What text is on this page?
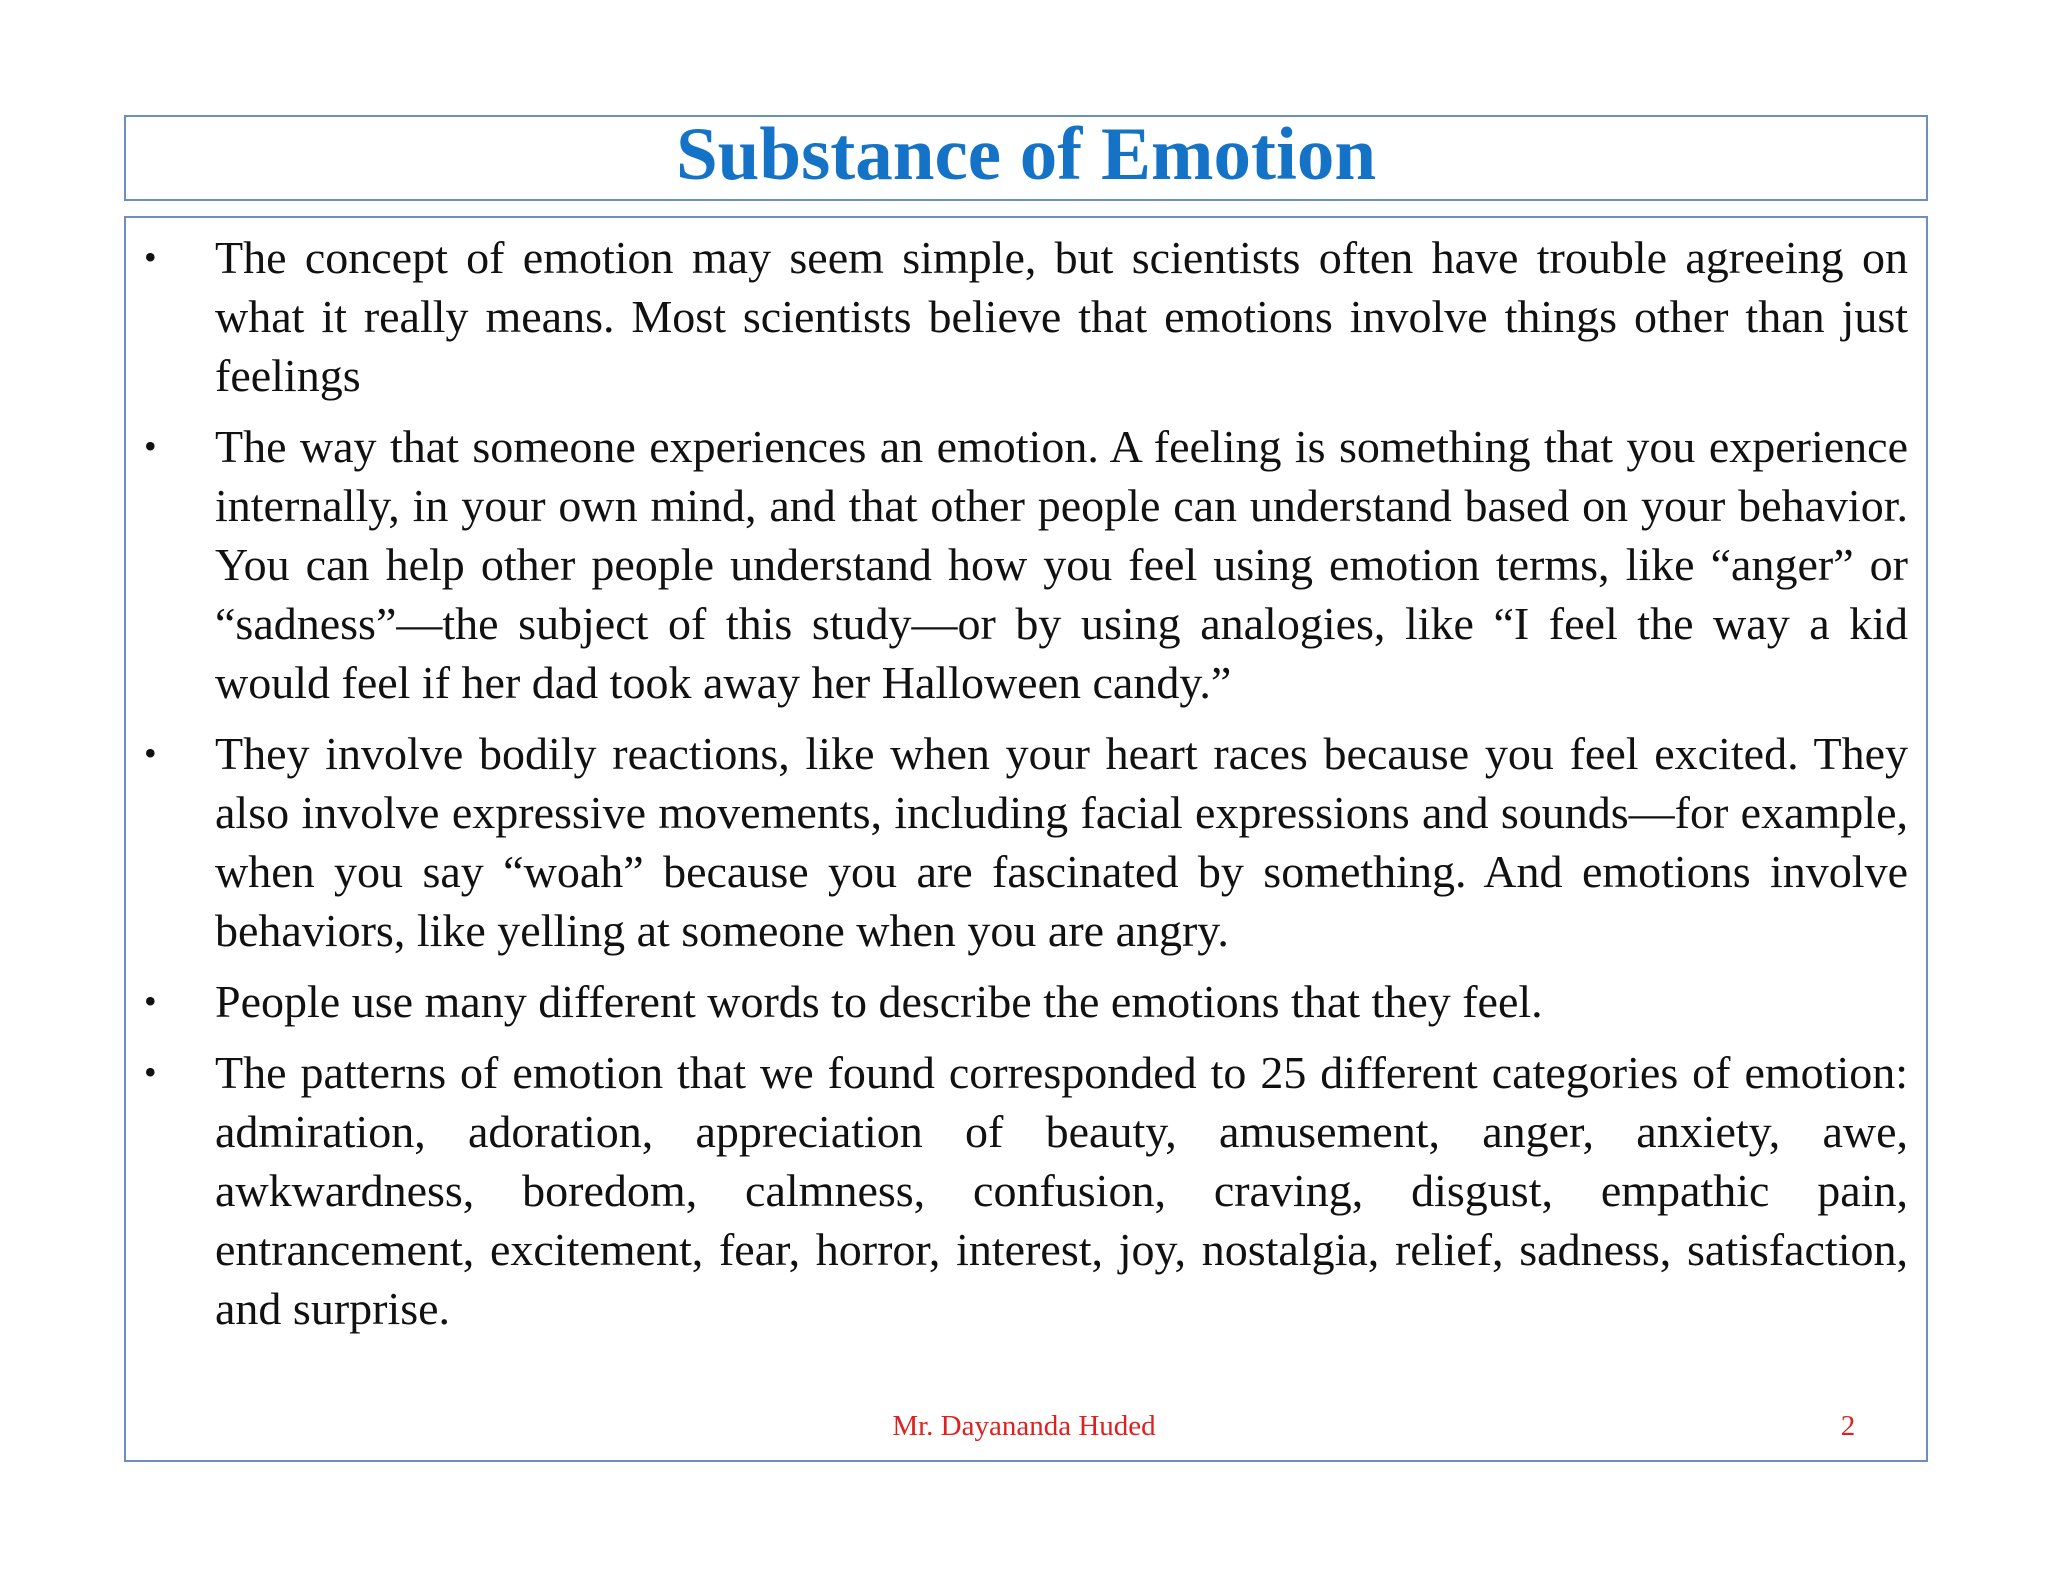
Substance of Emotion
• The concept of emotion may seem simple, but scientists often have trouble agreeing on what it really means. Most scientists believe that emotions involve things other than just feelings
• The way that someone experiences an emotion. A feeling is something that you experience internally, in your own mind, and that other people can understand based on your behavior. You can help other people understand how you feel using emotion terms, like “anger” or “sadness”—the subject of this study—or by using analogies, like “I feel the way a kid would feel if her dad took away her Halloween candy.”
• They involve bodily reactions, like when your heart races because you feel excited. They also involve expressive movements, including facial expressions and sounds—for example, when you say “woah” because you are fascinated by something. And emotions involve behaviors, like yelling at someone when you are angry.
• People use many different words to describe the emotions that they feel.
• The patterns of emotion that we found corresponded to 25 different categories of emotion: admiration, adoration, appreciation of beauty, amusement, anger, anxiety, awe, awkwardness, boredom, calmness, confusion, craving, disgust, empathic pain, entrancement, excitement, fear, horror, interest, joy, nostalgia, relief, sadness, satisfaction, and surprise.
Mr. Dayananda Huded	2
